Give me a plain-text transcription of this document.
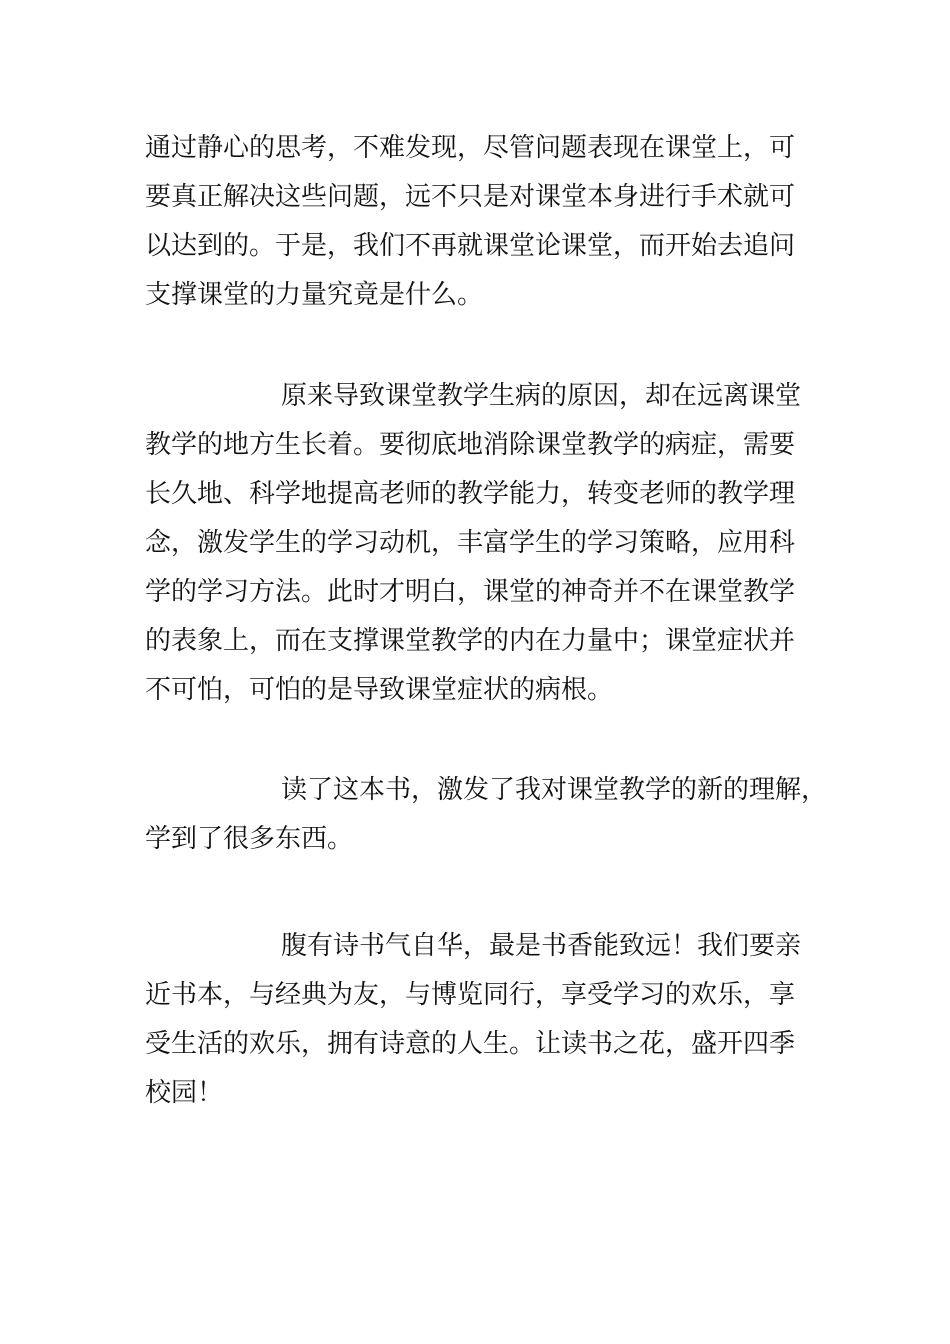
通过静心的思考，不难发现，尽管问题表现在课堂上，可
要真正解决这些问题，远不只是对课堂本身进行手术就可
以达到的。于是，我们不再就课堂论课堂，而开始去追问
支撑课堂的力量究竟是什么。

原来导致课堂教学生病的原因，却在远离课堂
教学的地方生长着。要彻底地消除课堂教学的病症，需要
长久地、科学地提高老师的教学能力，转变老师的教学理
念，激发学生的学习动机，丰富学生的学习策略，应用科
学的学习方法。此时才明白，课堂的神奇并不在课堂教学
的表象上，而在支撑课堂教学的内在力量中；课堂症状并
不可怕，可怕的是导致课堂症状的病根。

读了这本书，激发了我对课堂教学的新的理解，
学到了很多东西。

腹有诗书气自华，最是书香能致远！我们要亲
近书本，与经典为友，与博览同行，享受学习的欢乐，享
受生活的欢乐，拥有诗意的人生。让读书之花，盛开四季
校园！
